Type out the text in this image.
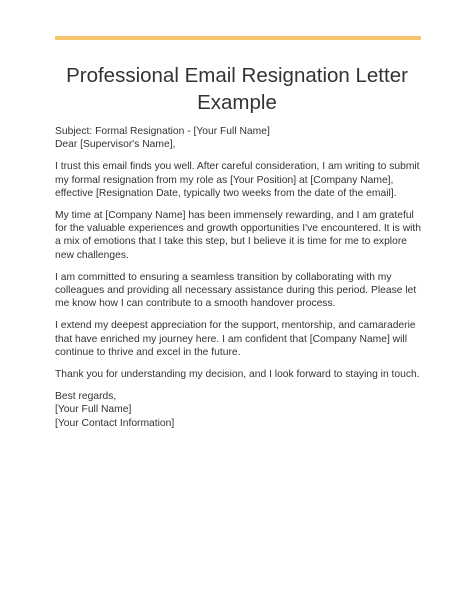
Professional Email Resignation Letter Example

Subject: Formal Resignation - [Your Full Name]
Dear [Supervisor's Name],

I trust this email finds you well. After careful consideration, I am writing to submit my formal resignation from my role as [Your Position] at [Company Name], effective [Resignation Date, typically two weeks from the date of the email].

My time at [Company Name] has been immensely rewarding, and I am grateful for the valuable experiences and growth opportunities I've encountered. It is with a mix of emotions that I take this step, but I believe it is time for me to explore new challenges.

I am committed to ensuring a seamless transition by collaborating with my colleagues and providing all necessary assistance during this period. Please let me know how I can contribute to a smooth handover process.

I extend my deepest appreciation for the support, mentorship, and camaraderie that have enriched my journey here. I am confident that [Company Name] will continue to thrive and excel in the future.

Thank you for understanding my decision, and I look forward to staying in touch.

Best regards,
[Your Full Name]
[Your Contact Information]
